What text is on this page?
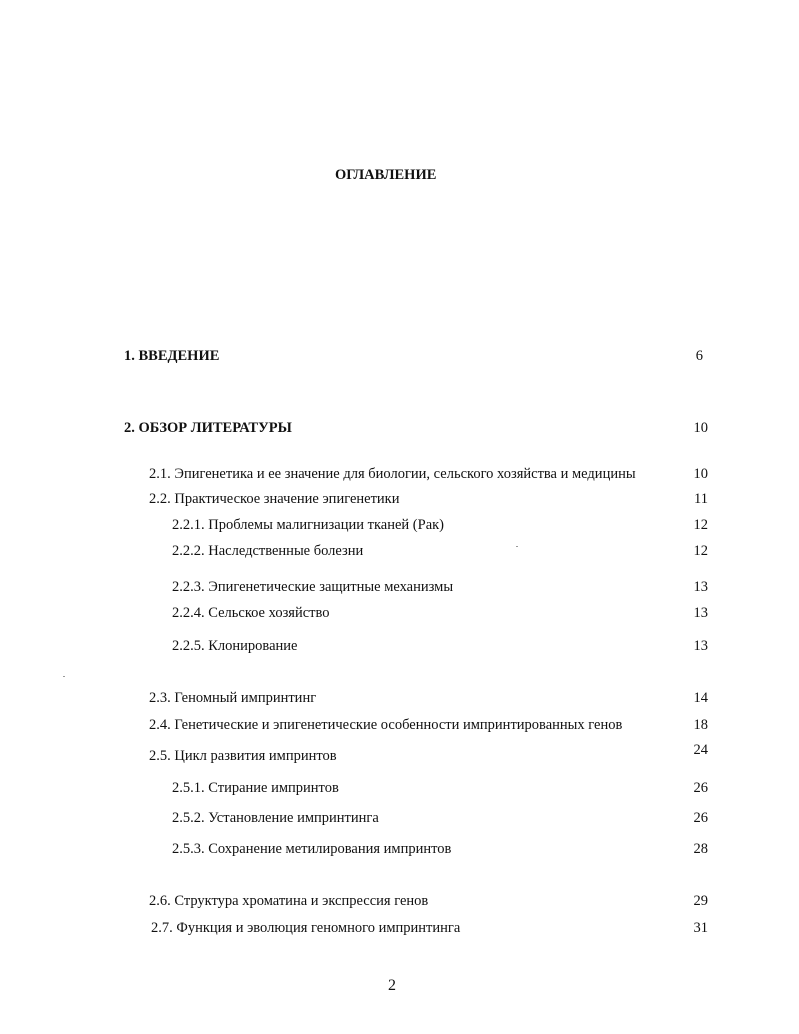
ОГЛАВЛЕНИЕ
1. ВВЕДЕНИЕ	6
2. ОБЗОР ЛИТЕРАТУРЫ	10
2.1. Эпигенетика и ее значение для биологии, сельского хозяйства и медицины	10
2.2. Практическое значение эпигенетики	11
2.2.1. Проблемы малигнизации тканей (Рак)	12
2.2.2. Наследственные болезни	12
2.2.3. Эпигенетические защитные механизмы	13
2.2.4. Сельское хозяйство	13
2.2.5. Клонирование	13
2.3. Геномный импринтинг	14
2.4. Генетические и эпигенетические особенности импринтированных генов	18
2.5. Цикл развития импринтов	24
2.5.1. Стирание импринтов	26
2.5.2. Установление импринтинга	26
2.5.3. Сохранение метилирования импринтов	28
2.6. Структура хроматина и экспрессия генов	29
2.7. Функция и эволюция геномного импринтинга	31
2
